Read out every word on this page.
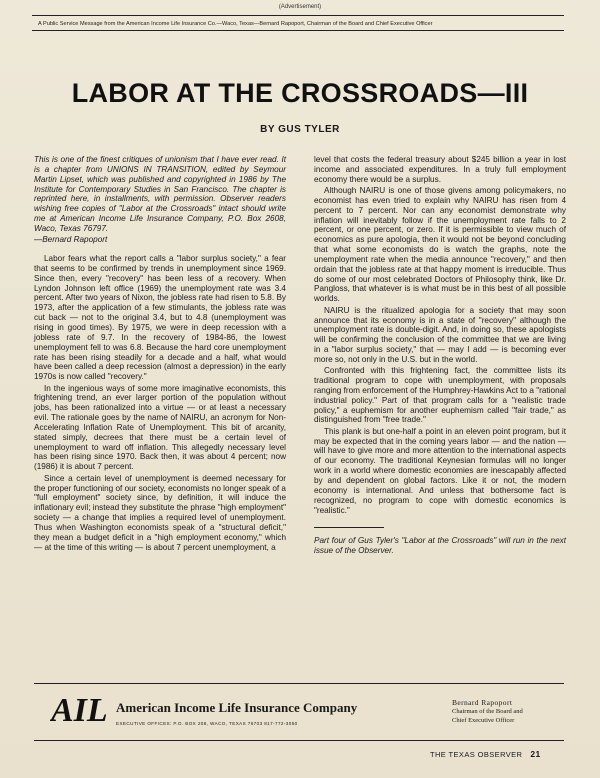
(Advertisement)
A Public Service Message from the American Income Life Insurance Co.—Waco, Texas—Bernard Rapoport, Chairman of the Board and Chief Executive Officer
LABOR AT THE CROSSROADS—III
BY GUS TYLER

This is one of the finest critiques of unionism that I have ever read. It is a chapter from UNIONS IN TRANSITION, edited by Seymour Martin Lipset, which was published and copyrighted in 1986 by The Institute for Contemporary Studies in San Francisco. The chapter is reprinted here, in installments, with permission. Observer readers wishing free copies of "Labor at the Crossroads" intact should write me at American Income Life Insurance Company, P.O. Box 2608, Waco, Texas 76797.

—Bernard Rapoport

Labor fears what the report calls a "labor surplus society," a fear that seems to be confirmed by trends in unemployment since 1969. Since then, every "recovery" has been less of a recovery. When Lyndon Johnson left office (1969) the unemployment rate was 3.4 percent. After two years of Nixon, the jobless rate had risen to 5.8. By 1973, after the application of a few stimulants, the jobless rate was cut back — not to the original 3.4, but to 4.8 (unemployment was rising in good times). By 1975, we were in deep recession with a jobless rate of 9.7. In the recovery of 1984-86, the lowest unemployment fell to was 6.8. Because the hard core unemployment rate has been rising steadily for a decade and a half, what would have been called a deep recession (almost a depression) in the early 1970s is now called "recovery."

In the ingenious ways of some more imaginative economists, this frightening trend, an ever larger portion of the population without jobs, has been rationalized into a virtue — or at least a necessary evil. The rationale goes by the name of NAIRU, an acronym for Non-Accelerating Inflation Rate of Unemployment. This bit of arcanity, stated simply, decrees that there must be a certain level of unemployment to ward off inflation. This allegedly necessary level has been rising since 1970. Back then, it was about 4 percent; now (1986) it is about 7 percent.

Since a certain level of unemployment is deemed necessary for the proper functioning of our society, economists no longer speak of a "full employment" society since, by definition, it will induce the inflationary evil; instead they substitute the phrase "high employment" society — a change that implies a required level of unemployment. Thus when Washington economists speak of a "structural deficit," they mean a budget deficit in a "high employment economy," which — at the time of this writing — is about 7 percent unemployment, a

level that costs the federal treasury about $245 billion a year in lost income and associated expenditures. In a truly full employment economy there would be a surplus.

Although NAIRU is one of those givens among policymakers, no economist has even tried to explain why NAIRU has risen from 4 percent to 7 percent. Nor can any economist demonstrate why inflation will inevitably follow if the unemployment rate falls to 2 percent, or one percent, or zero. If it is permissible to view much of economics as pure apologia, then it would not be beyond concluding that what some economists do is watch the graphs, note the unemployment rate when the media announce "recovery," and then ordain that the jobless rate at that happy moment is irreducible. Thus do some of our most celebrated Doctors of Philosophy think, like Dr. Pangloss, that whatever is is what must be in this best of all possible worlds.

NAIRU is the ritualized apologia for a society that may soon announce that its economy is in a state of "recovery" although the unemployment rate is double-digit. And, in doing so, these apologists will be confirming the conclusion of the committee that we are living in a "labor surplus society," that — may I add — is becoming ever more so, not only in the U.S. but in the world.

Confronted with this frightening fact, the committee lists its traditional program to cope with unemployment, with proposals ranging from enforcement of the Humphrey-Hawkins Act to a "rational industrial policy." Part of that program calls for a "realistic trade policy," a euphemism for another euphemism called "fair trade," as distinguished from "free trade."

This plank is but one-half a point in an eleven point program, but it may be expected that in the coming years labor — and the nation — will have to give more and more attention to the international aspects of our economy. The traditional Keynesian formulas will no longer work in a world where domestic economies are inescapably affected by and dependent on global factors. Like it or not, the modern economy is international. And unless that bothersome fact is recognized, no program to cope with domestic economics is "realistic."

Part four of Gus Tyler's "Labor at the Crossroads" will run in the next issue of the Observer.

AIL American Income Life Insurance Company
EXECUTIVE OFFICES: P.O. BOX 208, WACO, TEXAS 76703 817-772-3050
Bernard Rapoport
Chairman of the Board and
Chief Executive Officer
THE TEXAS OBSERVER 21
